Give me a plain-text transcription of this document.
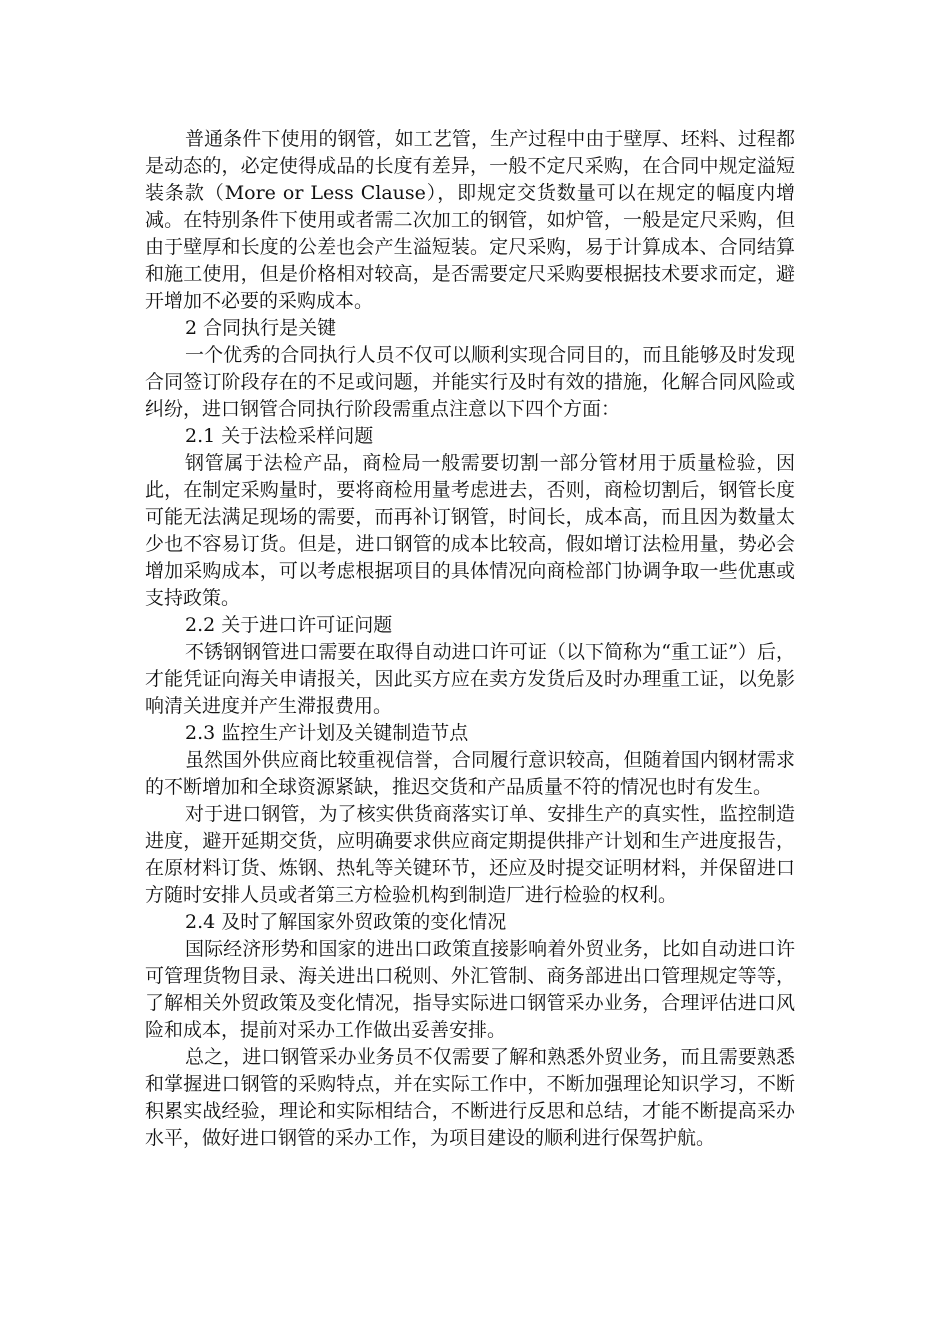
普通条件下使用的钢管，如工艺管，生产过程中由于壁厚、坯料、过程都是动态的，必定使得成品的长度有差异，一般不定尺采购，在合同中规定溢短装条款（More or Less Clause），即规定交货数量可以在规定的幅度内增减。在特别条件下使用或者需二次加工的钢管，如炉管，一般是定尺采购，但由于壁厚和长度的公差也会产生溢短装。定尺采购，易于计算成本、合同结算和施工使用，但是价格相对较高，是否需要定尺采购要根据技术要求而定，避开增加不必要的采购成本。

2 合同执行是关键

一个优秀的合同执行人员不仅可以顺利实现合同目的，而且能够及时发现合同签订阶段存在的不足或问题，并能实行及时有效的措施，化解合同风险或纠纷，进口钢管合同执行阶段需重点注意以下四个方面：

2.1 关于法检采样问题

钢管属于法检产品，商检局一般需要切割一部分管材用于质量检验，因此，在制定采购量时，要将商检用量考虑进去，否则，商检切割后，钢管长度可能无法满足现场的需要，而再补订钢管，时间长，成本高，而且因为数量太少也不容易订货。但是，进口钢管的成本比较高，假如增订法检用量，势必会增加采购成本，可以考虑根据项目的具体情况向商检部门协调争取一些优惠或支持政策。

2.2 关于进口许可证问题

不锈钢钢管进口需要在取得自动进口许可证（以下简称为“重工证”）后，才能凭证向海关申请报关，因此买方应在卖方发货后及时办理重工证，以免影响清关进度并产生滞报费用。

2.3 监控生产计划及关键制造节点

虽然国外供应商比较重视信誉，合同履行意识较高，但随着国内钢材需求的不断增加和全球资源紧缺，推迟交货和产品质量不符的情况也时有发生。

对于进口钢管，为了核实供货商落实订单、安排生产的真实性，监控制造进度，避开延期交货，应明确要求供应商定期提供排产计划和生产进度报告，在原材料订货、炼钢、热轧等关键环节，还应及时提交证明材料，并保留进口方随时安排人员或者第三方检验机构到制造厂进行检验的权利。

2.4 及时了解国家外贸政策的变化情况

国际经济形势和国家的进出口政策直接影响着外贸业务，比如自动进口许可管理货物目录、海关进出口税则、外汇管制、商务部进出口管理规定等等，了解相关外贸政策及变化情况，指导实际进口钢管采办业务，合理评估进口风险和成本，提前对采办工作做出妥善安排。

总之，进口钢管采办业务员不仅需要了解和熟悉外贸业务，而且需要熟悉和掌握进口钢管的采购特点，并在实际工作中，不断加强理论知识学习，不断积累实战经验，理论和实际相结合，不断进行反思和总结，才能不断提高采办水平，做好进口钢管的采办工作，为项目建设的顺利进行保驾护航。
